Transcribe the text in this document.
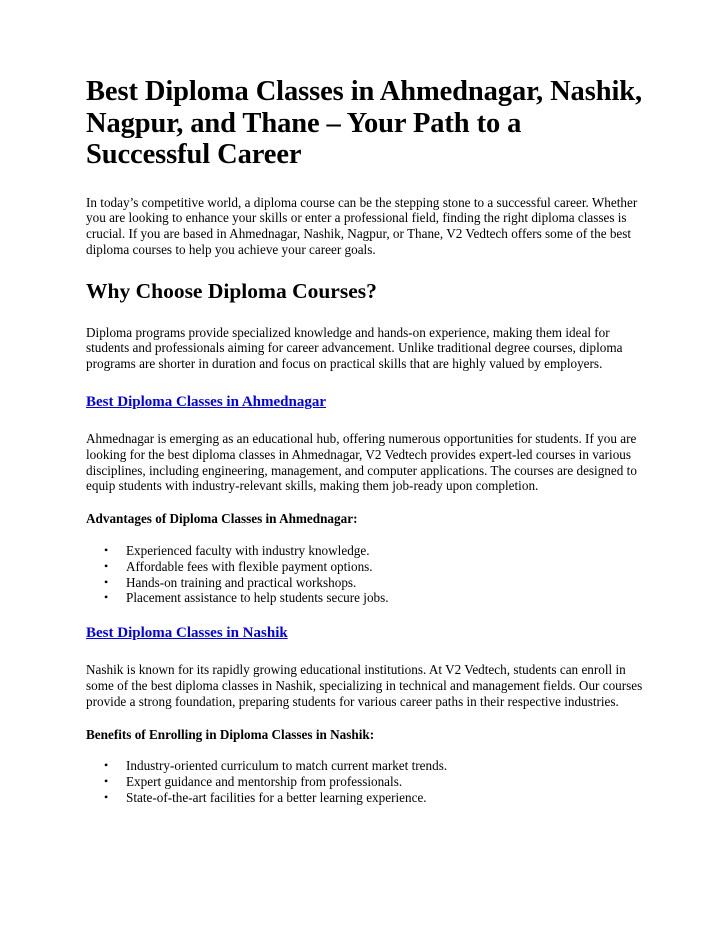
Best Diploma Classes in Ahmednagar, Nashik, Nagpur, and Thane – Your Path to a Successful Career

In today’s competitive world, a diploma course can be the stepping stone to a successful career. Whether you are looking to enhance your skills or enter a professional field, finding the right diploma classes is crucial. If you are based in Ahmednagar, Nashik, Nagpur, or Thane, V2 Vedtech offers some of the best diploma courses to help you achieve your career goals.

Why Choose Diploma Courses?

Diploma programs provide specialized knowledge and hands-on experience, making them ideal for students and professionals aiming for career advancement. Unlike traditional degree courses, diploma programs are shorter in duration and focus on practical skills that are highly valued by employers.

Best Diploma Classes in Ahmednagar

Ahmednagar is emerging as an educational hub, offering numerous opportunities for students. If you are looking for the best diploma classes in Ahmednagar, V2 Vedtech provides expert-led courses in various disciplines, including engineering, management, and computer applications. The courses are designed to equip students with industry-relevant skills, making them job-ready upon completion.

Advantages of Diploma Classes in Ahmednagar:
• Experienced faculty with industry knowledge.
• Affordable fees with flexible payment options.
• Hands-on training and practical workshops.
• Placement assistance to help students secure jobs.
Best Diploma Classes in Nashik

Nashik is known for its rapidly growing educational institutions. At V2 Vedtech, students can enroll in some of the best diploma classes in Nashik, specializing in technical and management fields. Our courses provide a strong foundation, preparing students for various career paths in their respective industries.

Benefits of Enrolling in Diploma Classes in Nashik:
• Industry-oriented curriculum to match current market trends.
• Expert guidance and mentorship from professionals.
• State-of-the-art facilities for a better learning experience.
